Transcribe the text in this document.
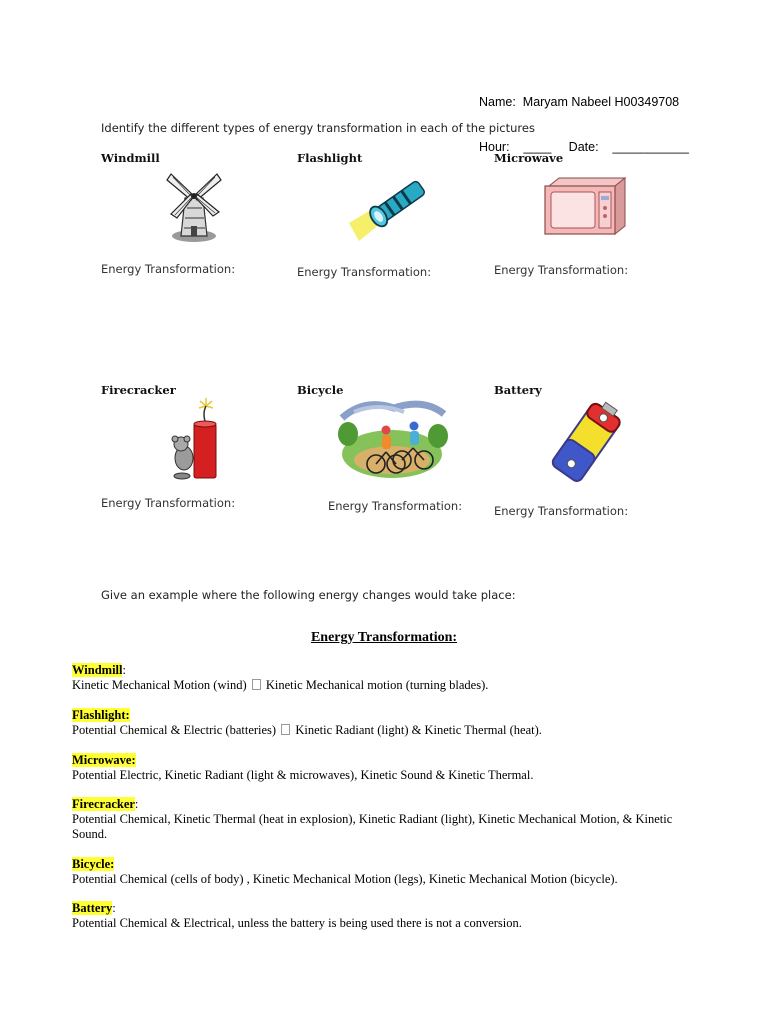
Name: Maryam Nabeel H00349708

Hour: ____ Date: ___________

Identify the different types of energy transformation in each of the pictures
Windmill	Flashlight	Microwave
Energy Transformation:	Energy Transformation:	Energy Transformation:
Firecracker	Bicycle	Battery
Energy Transformation:	Energy Transformation:	Energy Transformation:
Give an example where the following energy changes would take place:
Energy Transformation:
Windmill:
Kinetic Mechanical Motion (wind) Kinetic Mechanical motion (turning blades).
Flashlight:
Potential Chemical & Electric (batteries) Kinetic Radiant (light) & Kinetic Thermal (heat).
Microwave:
Potential Electric, Kinetic Radiant (light & microwaves), Kinetic Sound & Kinetic Thermal.
Firecracker:
Potential Chemical, Kinetic Thermal (heat in explosion), Kinetic Radiant (light), Kinetic Mechanical Motion, & Kinetic
Sound.
Bicycle:
Potential Chemical (cells of body) , Kinetic Mechanical Motion (legs), Kinetic Mechanical Motion (bicycle).
Battery:
Potential Chemical & Electrical, unless the battery is being used there is not a conversion.
